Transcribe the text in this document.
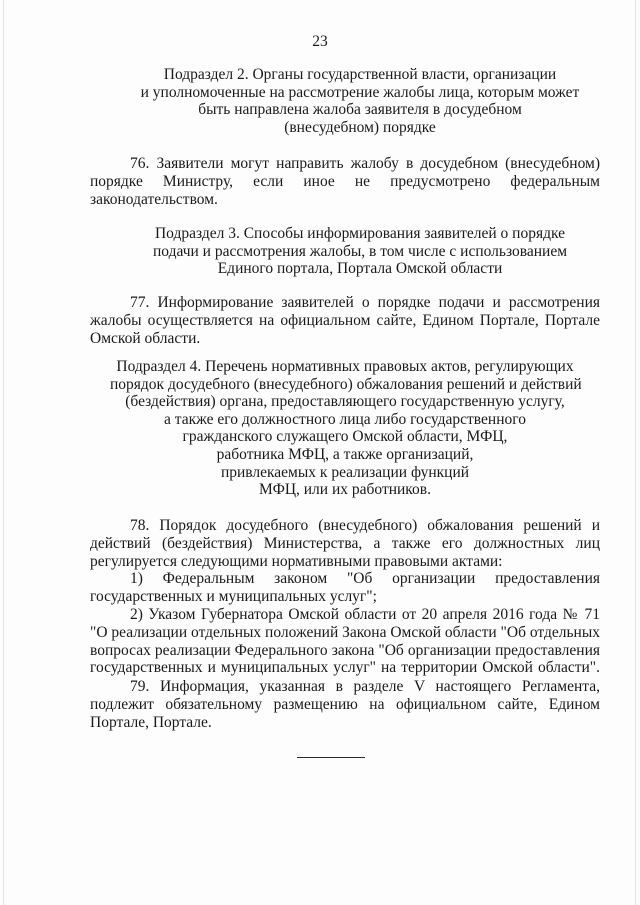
23
Подраздел 2. Органы государственной власти, организации
и уполномоченные на рассмотрение жалобы лица, которым может
быть направлена жалоба заявителя в досудебном
(внесудебном) порядке
76. Заявители могут направить жалобу в досудебном (внесудебном)
порядке Министру, если иное не предусмотрено федеральным
законодательством.
Подраздел 3. Способы информирования заявителей о порядке
подачи и рассмотрения жалобы, в том числе с использованием
Единого портала, Портала Омской области
77. Информирование заявителей о порядке подачи и рассмотрения
жалобы осуществляется на официальном сайте, Едином Портале, Портале
Омской области.
Подраздел 4. Перечень нормативных правовых актов, регулирующих
порядок досудебного (внесудебного) обжалования решений и действий
(бездействия) органа, предоставляющего государственную услугу,
а также его должностного лица либо государственного
гражданского служащего Омской области, МФЦ,
работника МФЦ, а также организаций,
привлекаемых к реализации функций
МФЦ, или их работников.
78. Порядок досудебного (внесудебного) обжалования решений и
действий (бездействия) Министерства, а также его должностных лиц
регулируется следующими нормативными правовыми актами:
1) Федеральным законом "Об организации предоставления
государственных и муниципальных услуг";
2) Указом Губернатора Омской области от 20 апреля 2016 года № 71
"О реализации отдельных положений Закона Омской области "Об отдельных
вопросах реализации Федерального закона "Об организации предоставления
государственных и муниципальных услуг" на территории Омской области".
79. Информация, указанная в разделе V настоящего Регламента,
подлежит обязательному размещению на официальном сайте, Едином
Портале, Портале.
